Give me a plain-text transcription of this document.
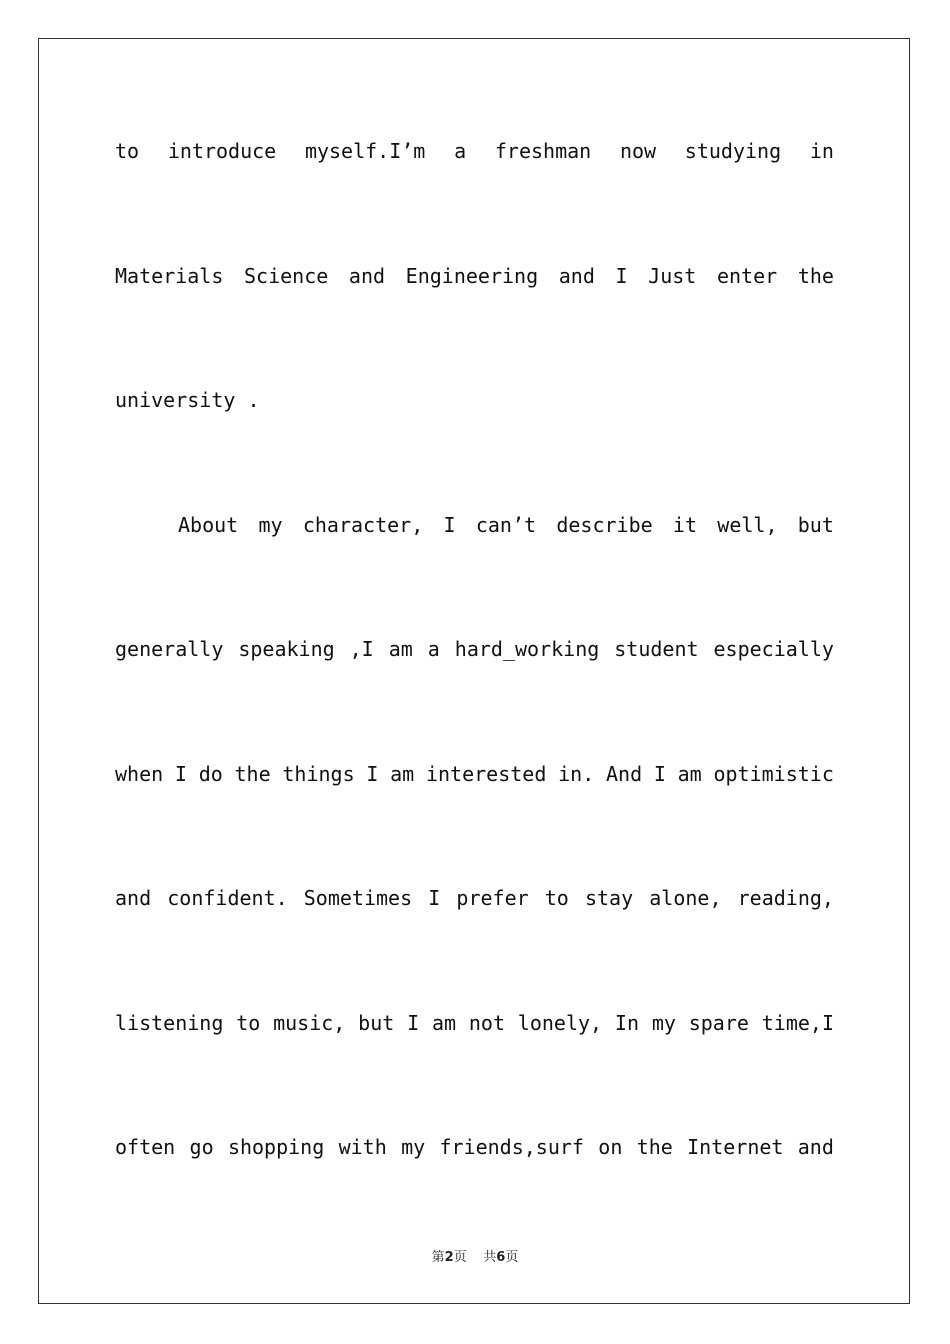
to introduce myself.I’m a freshman now studying in
Materials Science and Engineering and I Just enter the
university .
About my character, I can’t describe it well, but
generally speaking ,I am a hard_working student especially
when I do the things I am interested in. And I am optimistic
and confident. Sometimes I prefer to stay alone, reading,
listening to music, but I am not lonely, In my spare time,I
often go shopping with my friends,surf on the Internet and
第2页 共6页
